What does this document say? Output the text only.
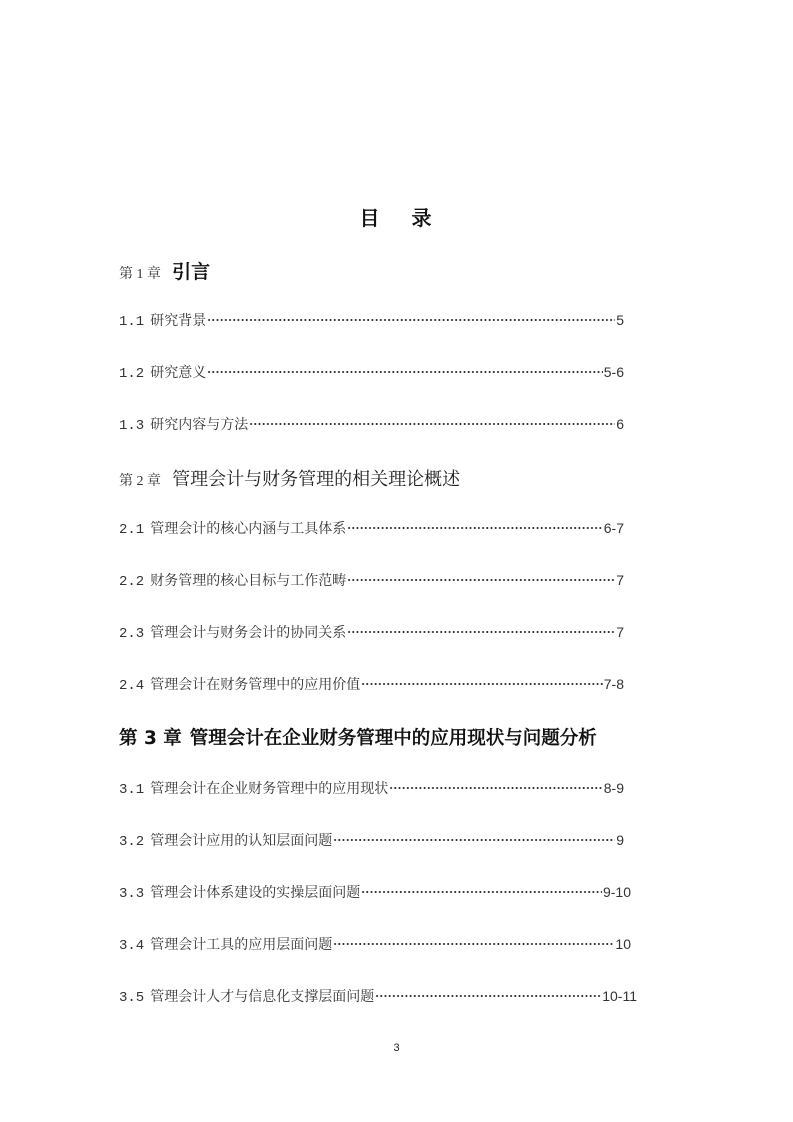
目 录
第 1 章 引言
1.1 研究背景	5
1.2 研究意义	5-6
1.3 研究内容与方法	6
第 2 章 管理会计与财务管理的相关理论概述
2.1 管理会计的核心内涵与工具体系	6-7
2.2 财务管理的核心目标与工作范畴	7
2.3 管理会计与财务会计的协同关系	7
2.4 管理会计在财务管理中的应用价值	7-8
第 3 章 管理会计在企业财务管理中的应用现状与问题分析
3.1 管理会计在企业财务管理中的应用现状	8-9
3.2 管理会计应用的认知层面问题	9
3.3 管理会计体系建设的实操层面问题	9-10
3.4 管理会计工具的应用层面问题	10
3.5 管理会计人才与信息化支撑层面问题	10-11
3
